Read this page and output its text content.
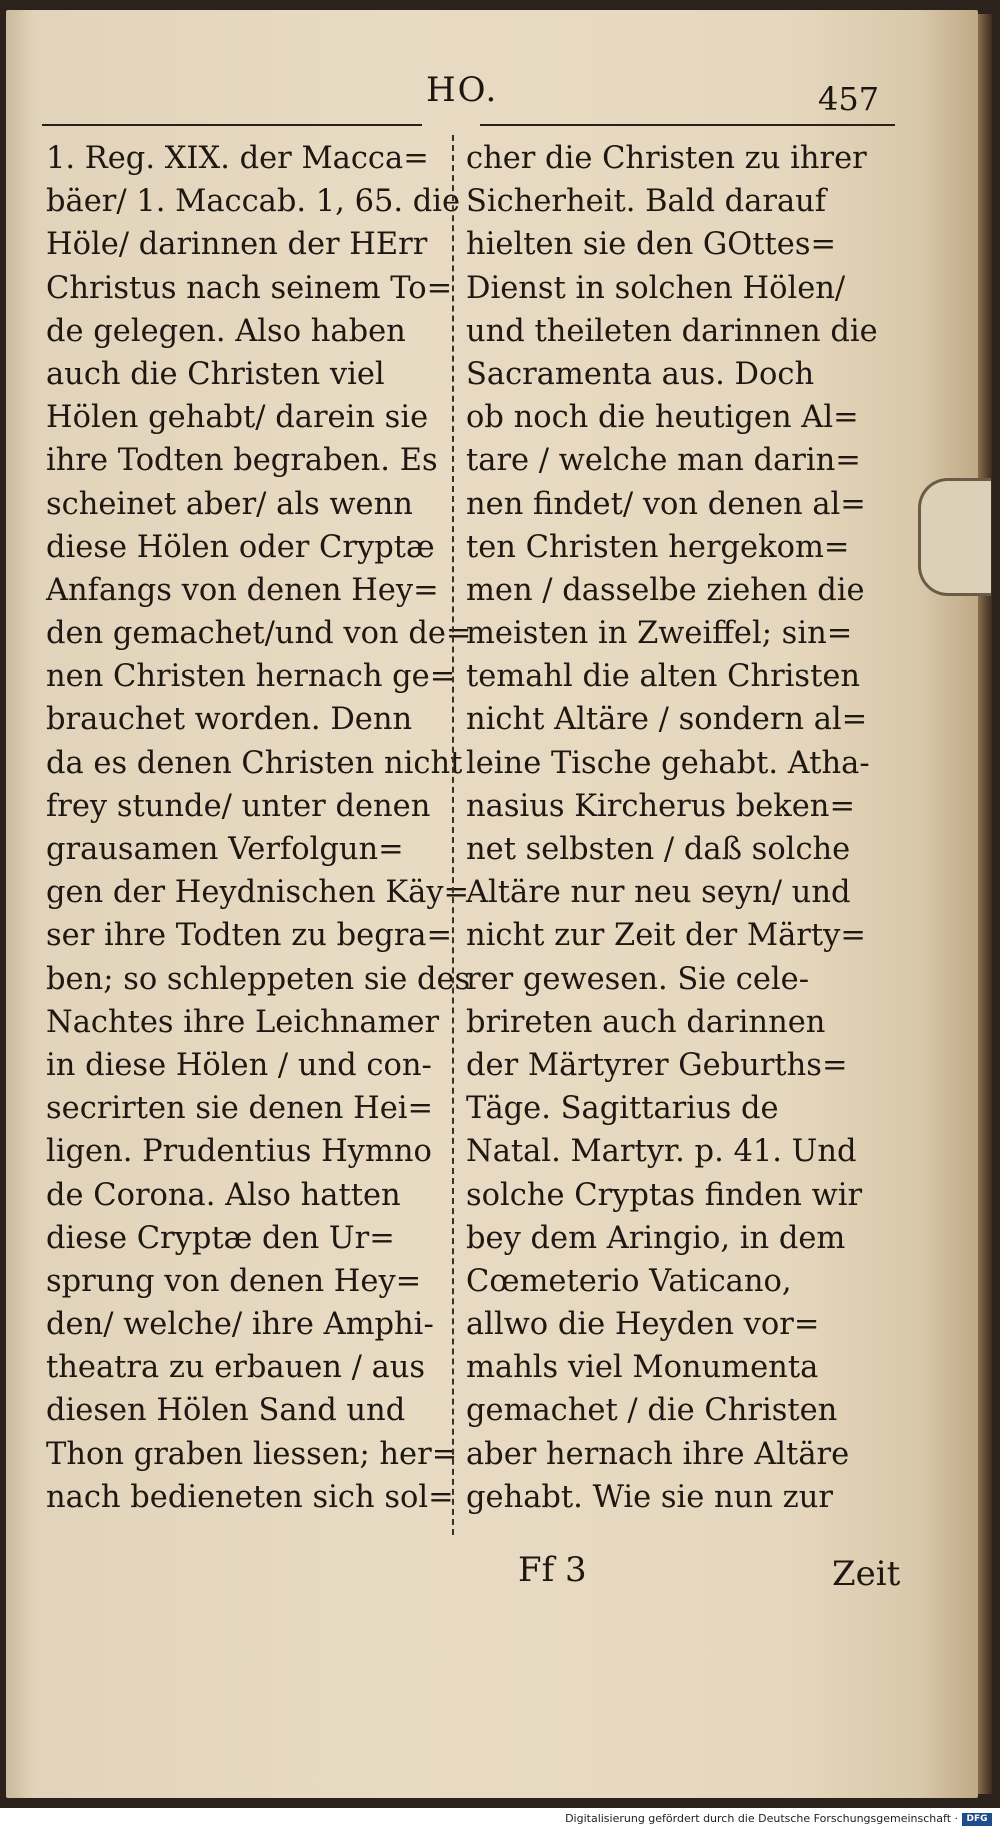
HO.	457
1. Reg. XIX. der Macca=
bäer/ 1. Maccab. 1, 65. die
Höle/ darinnen der HErr
Christus nach seinem To=
de gelegen. Also haben
auch die Christen viel
Hölen gehabt/ darein sie
ihre Todten begraben. Es
scheinet aber/ als wenn
diese Hölen oder Cryptæ
Anfangs von denen Hey=
den gemachet/und von de=
nen Christen hernach ge=
brauchet worden. Denn
da es denen Christen nicht
frey stunde/ unter denen
grausamen Verfolgun=
gen der Heydnischen Käy=
ser ihre Todten zu begra=
ben; so schleppeten sie des
Nachtes ihre Leichnamer
in diese Hölen / und con-
secrirten sie denen Hei=
ligen. Prudentius Hymno
de Corona. Also hatten
diese Cryptæ den Ur=
sprung von denen Hey=
den/ welche/ ihre Amphi-
theatra zu erbauen / aus
diesen Hölen Sand und
Thon graben liessen; her=
nach bedieneten sich sol=
cher die Christen zu ihrer
Sicherheit. Bald darauf
hielten sie den GOttes=
Dienst in solchen Hölen/
und theileten darinnen die
Sacramenta aus. Doch
ob noch die heutigen Al=
tare / welche man darin=
nen findet/ von denen al=
ten Christen hergekom=
men / dasselbe ziehen die
meisten in Zweiffel; sin=
temahl die alten Christen
nicht Altäre / sondern al=
leine Tische gehabt. Atha-
nasius Kircherus beken=
net selbsten / daß solche
Altäre nur neu seyn/ und
nicht zur Zeit der Märty=
rer gewesen. Sie cele-
brireten auch darinnen
der Märtyrer Geburths=
Täge. Sagittarius de
Natal. Martyr. p. 41. Und
solche Cryptas finden wir
bey dem Aringio, in dem
Cœmeterio Vaticano,
allwo die Heyden vor=
mahls viel Monumenta
gemachet / die Christen
aber hernach ihre Altäre
gehabt. Wie sie nun zur
Ff 3	Zeit
Digitalisierung gefördert durch die Deutsche Forschungsgemeinschaft · DFG
